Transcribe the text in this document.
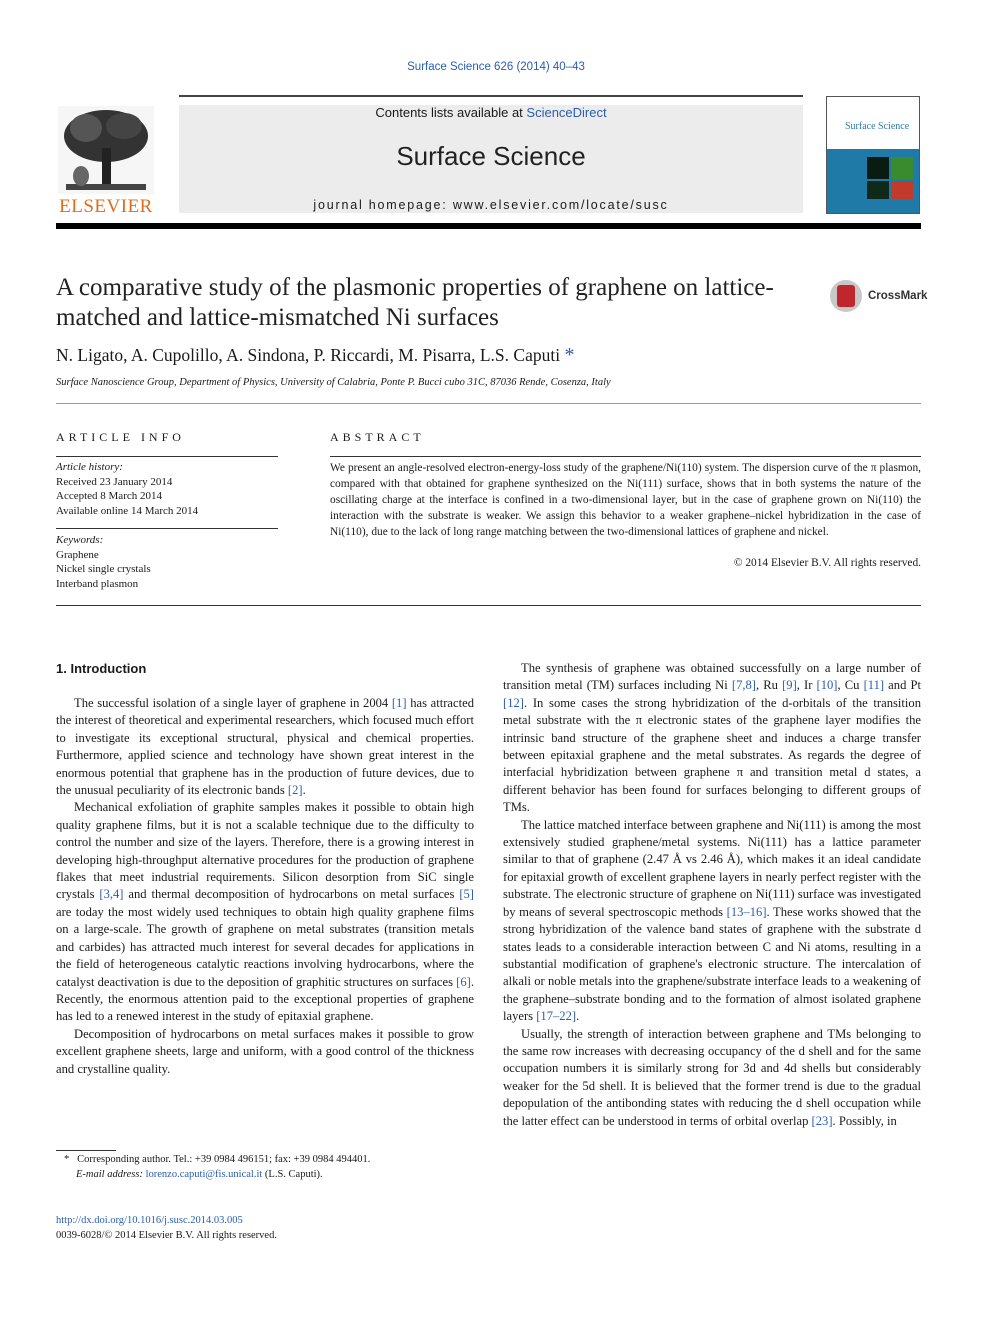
Surface Science 626 (2014) 40–43
ELSEVIER
Contents lists available at ScienceDirect
Surface Science
journal homepage: www.elsevier.com/locate/susc
Surface Science
A comparative study of the plasmonic properties of graphene on lattice-matched and lattice-mismatched Ni surfaces
CrossMark
N. Ligato, A. Cupolillo, A. Sindona, P. Riccardi, M. Pisarra, L.S. Caputi *
Surface Nanoscience Group, Department of Physics, University of Calabria, Ponte P. Bucci cubo 31C, 87036 Rende, Cosenza, Italy
ARTICLE INFO	ABSTRACT
Article history:
Received 23 January 2014
Accepted 8 March 2014
Available online 14 March 2014
Keywords:
Graphene
Nickel single crystals
Interband plasmon
We present an angle-resolved electron-energy-loss study of the graphene/Ni(110) system. The dispersion curve of the π plasmon, compared with that obtained for graphene synthesized on the Ni(111) surface, shows that in both systems the nature of the oscillating charge at the interface is confined in a two-dimensional layer, but in the case of graphene grown on Ni(110) the interaction with the substrate is weaker. We assign this behavior to a weaker graphene–nickel hybridization in the case of Ni(110), due to the lack of long range matching between the two-dimensional lattices of graphene and nickel.
© 2014 Elsevier B.V. All rights reserved.
1. Introduction

The successful isolation of a single layer of graphene in 2004 [1] has attracted the interest of theoretical and experimental researchers, which focused much effort to investigate its exceptional structural, physical and chemical properties. Furthermore, applied science and technology have shown great interest in the enormous potential that graphene has in the production of future devices, due to the unusual peculiarity of its electronic bands [2].

Mechanical exfoliation of graphite samples makes it possible to obtain high quality graphene films, but it is not a scalable technique due to the difficulty to control the number and size of the layers. Therefore, there is a growing interest in developing high-throughput alternative procedures for the production of graphene flakes that meet industrial requirements. Silicon desorption from SiC single crystals [3,4] and thermal decomposition of hydrocarbons on metal surfaces [5] are today the most widely used techniques to obtain high quality graphene films on a large-scale. The growth of graphene on metal substrates (transition metals and carbides) has attracted much interest for several decades for applications in the field of heterogeneous catalytic reactions involving hydrocarbons, where the catalyst deactivation is due to the deposition of graphitic structures on surfaces [6]. Recently, the enormous attention paid to the exceptional properties of graphene has led to a renewed interest in the study of epitaxial graphene.

Decomposition of hydrocarbons on metal surfaces makes it possible to grow excellent graphene sheets, large and uniform, with a good control of the thickness and crystalline quality.

The synthesis of graphene was obtained successfully on a large number of transition metal (TM) surfaces including Ni [7,8], Ru [9], Ir [10], Cu [11] and Pt [12]. In some cases the strong hybridization of the d-orbitals of the transition metal substrate with the π electronic states of the graphene layer modifies the intrinsic band structure of the graphene sheet and induces a charge transfer between epitaxial graphene and the metal substrates. As regards the degree of interfacial hybridization between graphene π and transition metal d states, a different behavior has been found for surfaces belonging to different groups of TMs.

The lattice matched interface between graphene and Ni(111) is among the most extensively studied graphene/metal systems. Ni(111) has a lattice parameter similar to that of graphene (2.47 Å vs 2.46 Å), which makes it an ideal candidate for epitaxial growth of excellent graphene layers in nearly perfect register with the substrate. The electronic structure of graphene on Ni(111) surface was investigated by means of several spectroscopic methods [13–16]. These works showed that the strong hybridization of the valence band states of graphene with the substrate d states leads to a considerable interaction between C and Ni atoms, resulting in a substantial modification of graphene's electronic structure. The intercalation of alkali or noble metals into the graphene/substrate interface leads to a weakening of the graphene–substrate bonding and to the formation of almost isolated graphene layers [17–22].

Usually, the strength of interaction between graphene and TMs belonging to the same row increases with decreasing occupancy of the d shell and for the same occupation numbers it is similarly strong for 3d and 4d shells but considerably weaker for the 5d shell. It is believed that the former trend is due to the gradual depopulation of the antibonding states with reducing the d shell occupation while the latter effect can be understood in terms of orbital overlap [23]. Possibly, in

* Corresponding author. Tel.: +39 0984 496151; fax: +39 0984 494401.
E-mail address: lorenzo.caputi@fis.unical.it (L.S. Caputi).
http://dx.doi.org/10.1016/j.susc.2014.03.005
0039-6028/© 2014 Elsevier B.V. All rights reserved.
